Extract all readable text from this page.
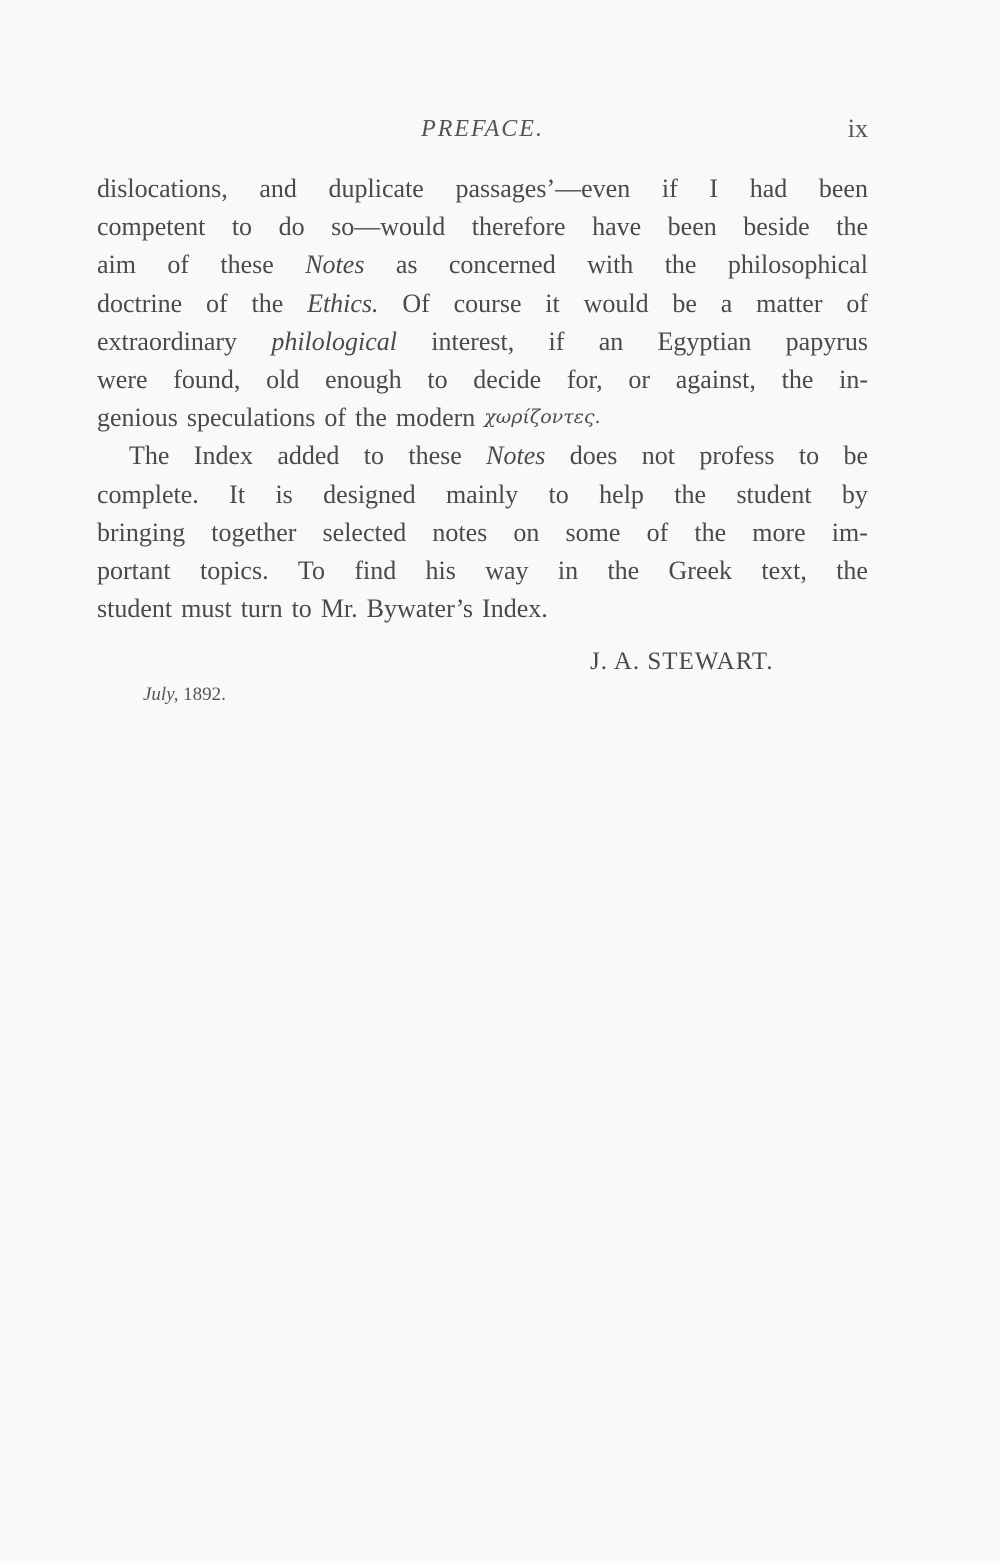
PREFACE.	ix
dislocations, and duplicate passages’—even if I had been
competent to do so—would therefore have been beside the
aim of these Notes as concerned with the philosophical
doctrine of the Ethics. Of course it would be a matter of
extraordinary philological interest, if an Egyptian papyrus
were found, old enough to decide for, or against, the in-
genious speculations of the modern χωρίζοντες.
The Index added to these Notes does not profess to be
complete. It is designed mainly to help the student by
bringing together selected notes on some of the more im-
portant topics. To find his way in the Greek text, the
student must turn to Mr. Bywater’s Index.
J. A. STEWART.
July, 1892.
